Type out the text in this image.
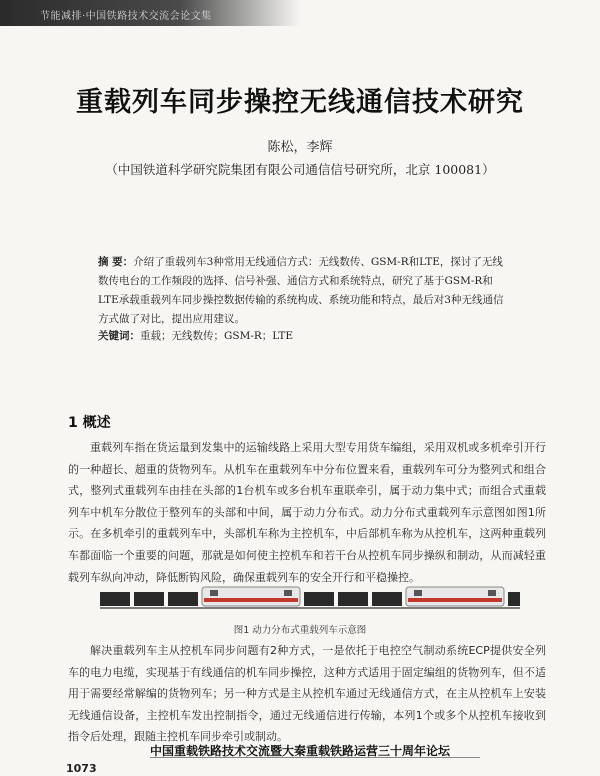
节能减排·中国铁路技术交流会论文集
重载列车同步操控无线通信技术研究
陈松，李辉
（中国铁道科学研究院集团有限公司通信信号研究所，北京 100081）
摘 要：介绍了重载列车3种常用无线通信方式：无线数传、GSM-R和LTE，探讨了无线数传电台的工作频段的选择、信号补强、通信方式和系统特点，研究了基于GSM-R和LTE承载重载列车同步操控数据传输的系统构成、系统功能和特点，最后对3种无线通信方式做了对比，提出应用建议。
关键词：重载；无线数传；GSM-R；LTE
1 概述
重载列车指在货运量到发集中的运输线路上采用大型专用货车编组，采用双机或多机牵引开行的一种超长、超重的货物列车。从机车在重载列车中分布位置来看，重载列车可分为整列式和组合式，整列式重载列车由挂在头部的1台机车或多台机车重联牵引，属于动力集中式；而组合式重载列车中机车分散位于整列车的头部和中间，属于动力分布式。动力分布式重载列车示意图如图1所示。在多机牵引的重载列车中，头部机车称为主控机车，中后部机车称为从控机车，这两种重载列车都面临一个重要的问题，那就是如何使主控机车和若干台从控机车同步操纵和制动，从而减轻重载列车纵向冲动，降低断钩风险，确保重载列车的安全开行和平稳操控。
图1 动力分布式重载列车示意图
解决重载列车主从控机车同步问题有2种方式，一是依托于电控空气制动系统ECP提供安全列车的电力电缆，实现基于有线通信的机车同步操控，这种方式适用于固定编组的货物列车，但不适用于需要经常解编的货物列车；另一种方式是主从控机车通过无线通信方式，在主从控机车上安装无线通信设备，主控机车发出控制指令，通过无线通信进行传输，本列1个或多个从控机车接收到指令后处理，跟随主控机车同步牵引或制动。
中国重载铁路技术交流暨大秦重载铁路运营三十周年论坛
1073
